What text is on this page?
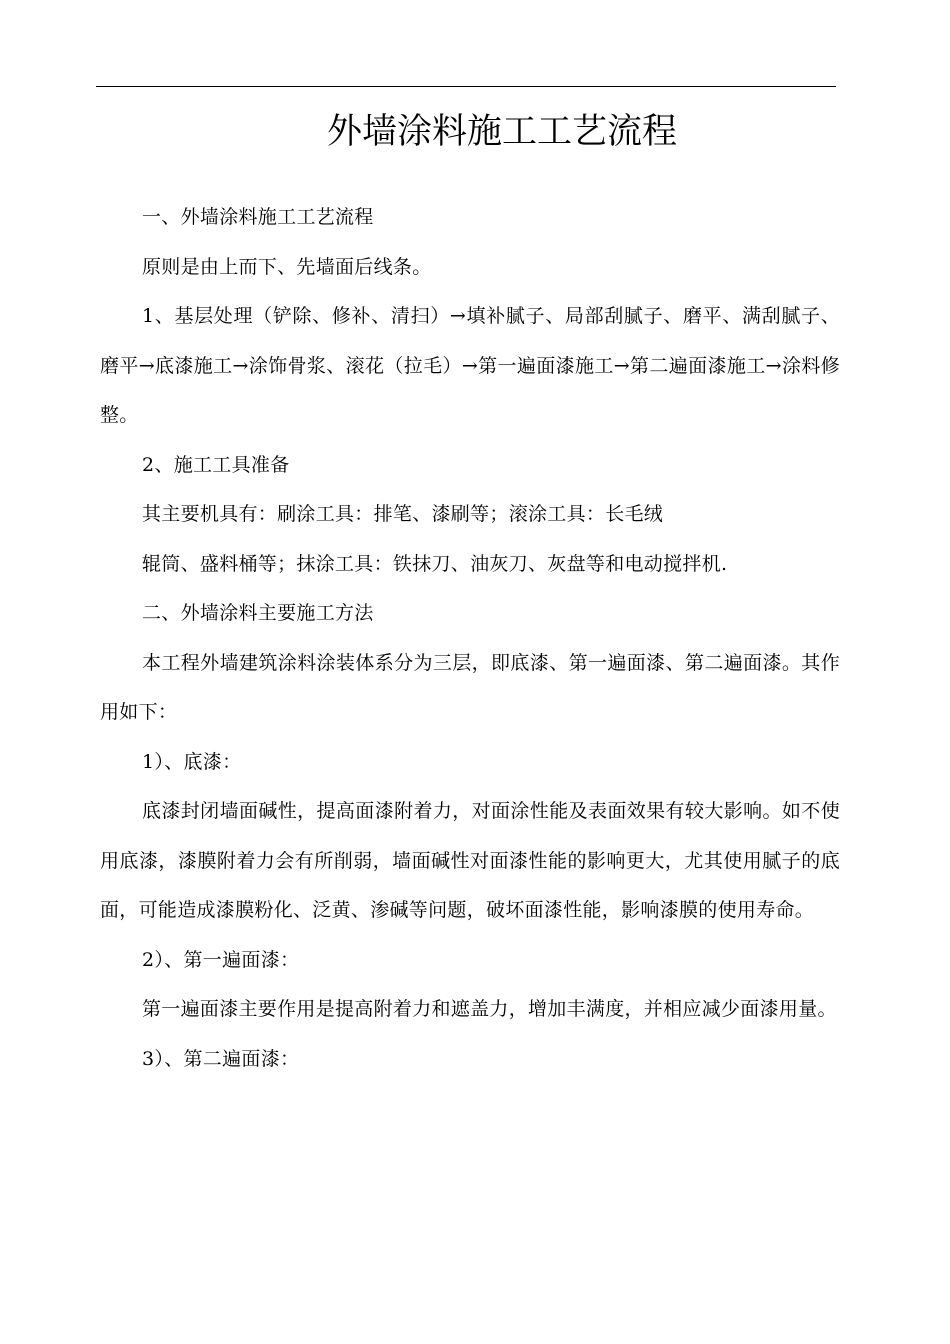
外墙涂料施工工艺流程

一、外墙涂料施工工艺流程

原则是由上而下、先墙面后线条。

1、基层处理（铲除、修补、清扫）→填补腻子、局部刮腻子、磨平、满刮腻子、磨平→底漆施工→涂饰骨浆、滚花（拉毛）→第一遍面漆施工→第二遍面漆施工→涂料修整。

2、施工工具准备

其主要机具有：刷涂工具：排笔、漆刷等；滚涂工具：长毛绒

辊筒、盛料桶等；抹涂工具：铁抹刀、油灰刀、灰盘等和电动搅拌机.

二、外墙涂料主要施工方法

本工程外墙建筑涂料涂装体系分为三层，即底漆、第一遍面漆、第二遍面漆。其作用如下：

1）、底漆：

底漆封闭墙面碱性，提高面漆附着力，对面涂性能及表面效果有较大影响。如不使用底漆，漆膜附着力会有所削弱，墙面碱性对面漆性能的影响更大，尤其使用腻子的底面，可能造成漆膜粉化、泛黄、渗碱等问题，破坏面漆性能，影响漆膜的使用寿命。

2）、第一遍面漆：

第一遍面漆主要作用是提高附着力和遮盖力，增加丰满度，并相应减少面漆用量。

3）、第二遍面漆：
